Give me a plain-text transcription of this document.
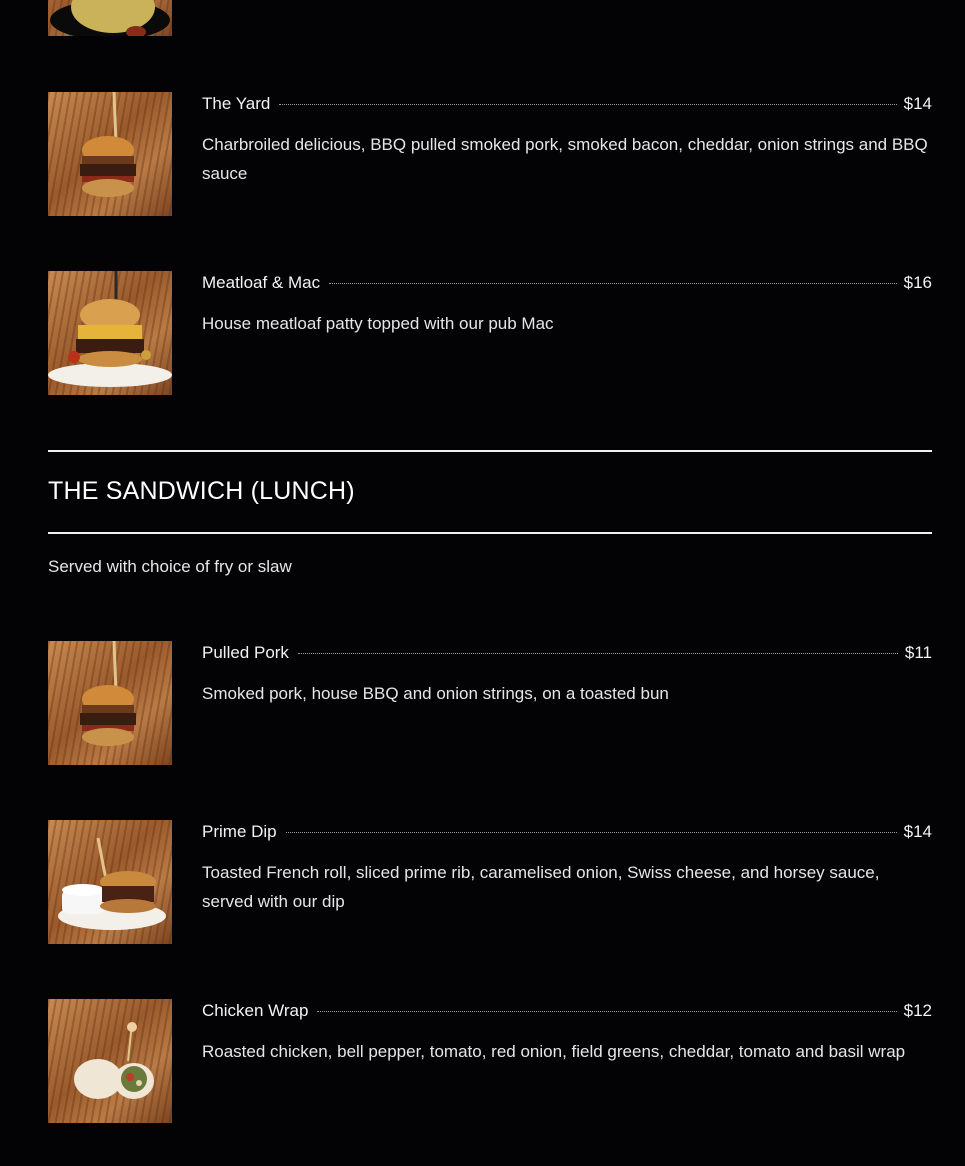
The Yard	$14
Charbroiled delicious, BBQ pulled smoked pork, smoked bacon, cheddar, onion strings and BBQ sauce
Meatloaf & Mac	$16
House meatloaf patty topped with our pub Mac
THE SANDWICH (LUNCH)
Served with choice of fry or slaw
Pulled Pork	$11
Smoked pork, house BBQ and onion strings, on a toasted bun
Prime Dip	$14
Toasted French roll, sliced prime rib, caramelised onion, Swiss cheese, and horsey sauce, served with our dip
Chicken Wrap	$12
Roasted chicken, bell pepper, tomato, red onion, field greens, cheddar, tomato and basil wrap
